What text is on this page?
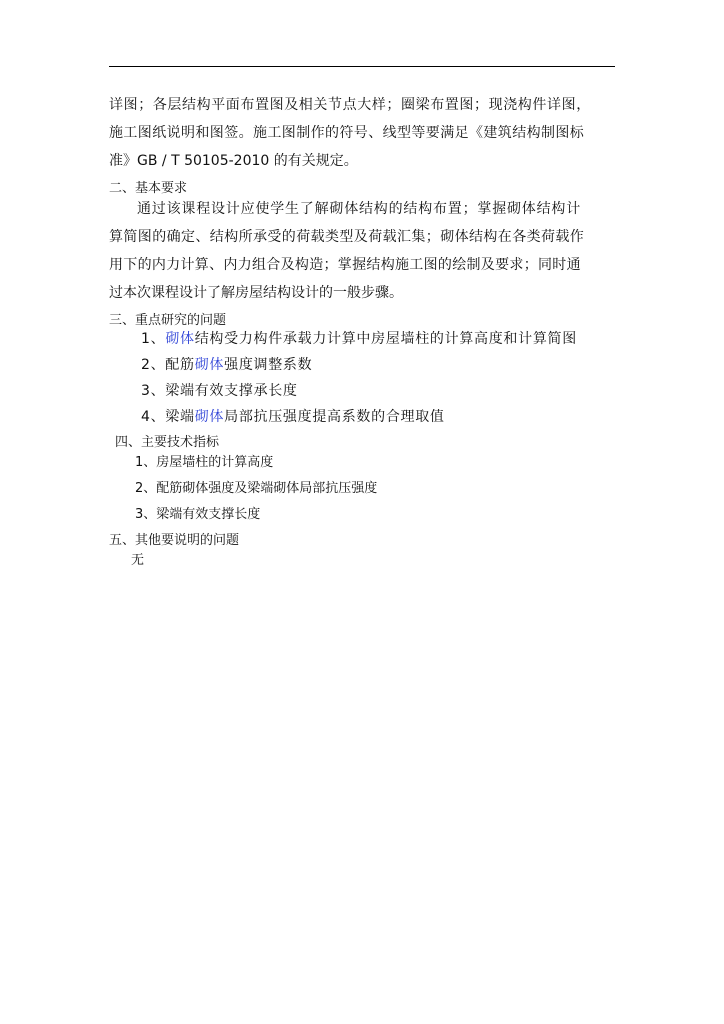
详图；各层结构平面布置图及相关节点大样；圈梁布置图；现浇构件详图，
施工图纸说明和图签。施工图制作的符号、线型等要满足《建筑结构制图标
准》GB / T 50105-2010 的有关规定。
二、基本要求
通过该课程设计应使学生了解砌体结构的结构布置；掌握砌体结构计
算简图的确定、结构所承受的荷载类型及荷载汇集；砌体结构在各类荷载作
用下的内力计算、内力组合及构造；掌握结构施工图的绘制及要求；同时通
过本次课程设计了解房屋结构设计的一般步骤。
三、重点研究的问题
1、砌体结构受力构件承载力计算中房屋墙柱的计算高度和计算简图
2、配筋砌体强度调整系数
3、梁端有效支撑承长度
4、梁端砌体局部抗压强度提高系数的合理取值
四、主要技术指标
1、房屋墙柱的计算高度
2、配筋砌体强度及梁端砌体局部抗压强度
3、梁端有效支撑长度
五、其他要说明的问题
无
